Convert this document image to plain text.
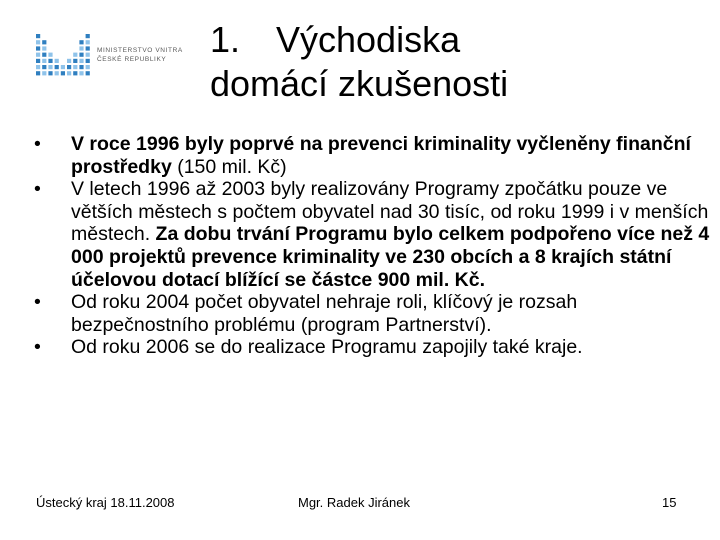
MINISTERSTVO VNITRA
ČESKÉ REPUBLIKY	1. Východiska
domácí zkušenosti
• V roce 1996 byly poprvé na prevenci kriminality vyčleněny finanční prostředky (150 mil. Kč)
• V letech 1996 až 2003 byly realizovány Programy zpočátku pouze ve větších městech s počtem obyvatel nad 30 tisíc, od roku 1999 i v menších městech. Za dobu trvání Programu bylo celkem podpořeno více než 4 000 projektů prevence kriminality ve 230 obcích a 8 krajích státní účelovou dotací blížící se částce 900 mil. Kč.
• Od roku 2004 počet obyvatel nehraje roli, klíčový je rozsah bezpečnostního problému (program Partnerství).
• Od roku 2006 se do realizace Programu zapojily také kraje.
Ústecký kraj 18.11.2008	Mgr. Radek Jiránek	15
